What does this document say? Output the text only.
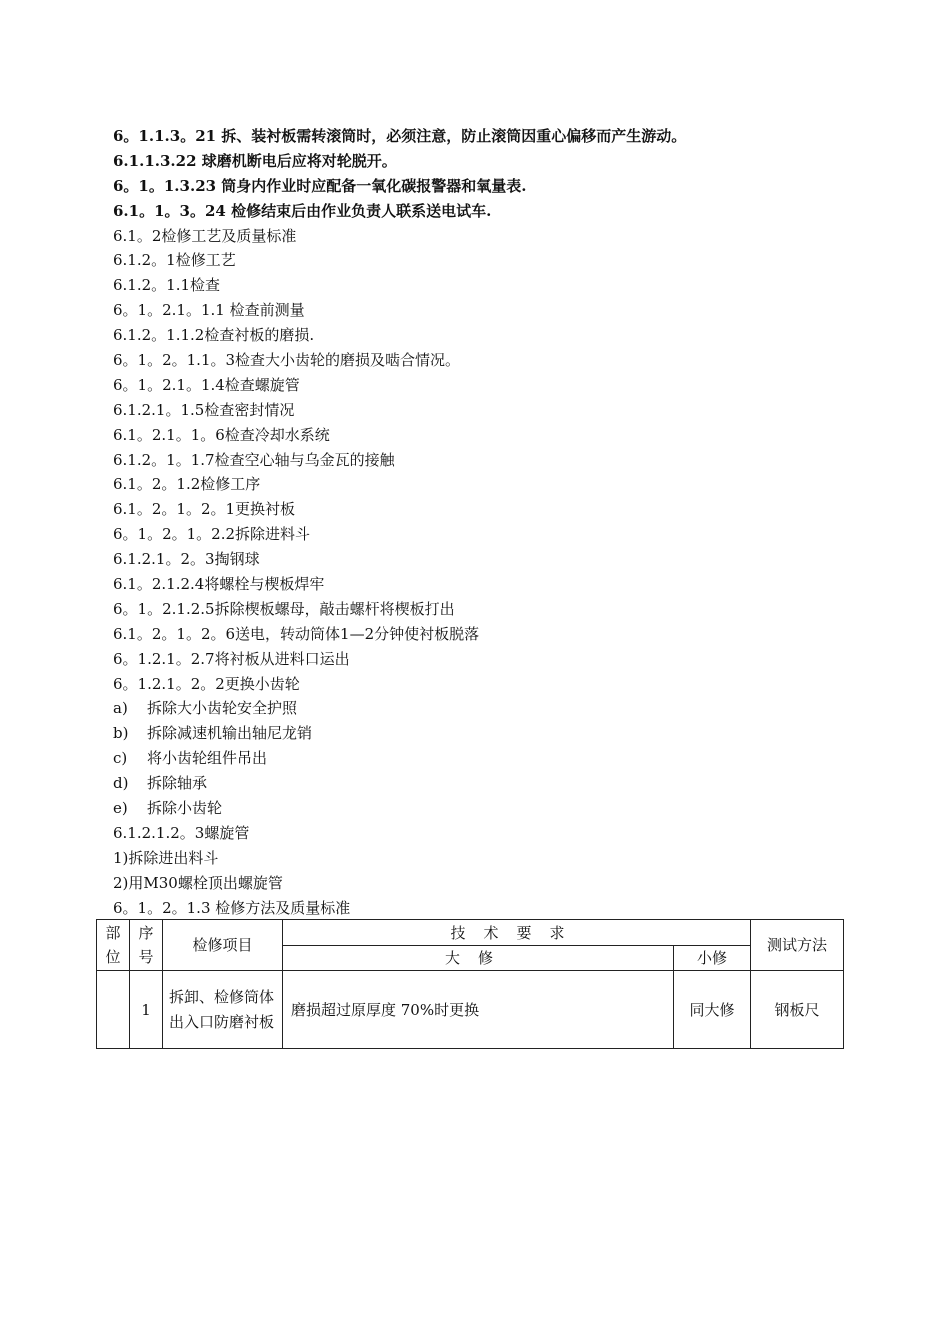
6。1.1.3。21 拆、装衬板需转滚筒时，必须注意，防止滚筒因重心偏移而产生游动。
6.1.1.3.22 球磨机断电后应将对轮脱开。
6。1。1.3.23 筒身内作业时应配备一氧化碳报警器和氧量表.
6.1。1。3。24 检修结束后由作业负责人联系送电试车.
6.1。2检修工艺及质量标准
6.1.2。1检修工艺
6.1.2。1.1检查
6。1。2.1。1.1 检查前测量
6.1.2。1.1.2检查衬板的磨损.
6。1。2。1.1。3检查大小齿轮的磨损及啮合情况。
6。1。2.1。1.4检查螺旋管
6.1.2.1。1.5检查密封情况
6.1。2.1。1。6检查冷却水系统
6.1.2。1。1.7检查空心轴与乌金瓦的接触
6.1。2。1.2检修工序
6.1。2。1。2。1更换衬板
6。1。2。1。2.2拆除进料斗
6.1.2.1。2。3掏钢球
6.1。2.1.2.4将螺栓与楔板焊牢
6。1。2.1.2.5拆除楔板螺母，敲击螺杆将楔板打出
6.1。2。1。2。6送电，转动筒体1—2分钟使衬板脱落
6。1.2.1。2.7将衬板从进料口运出
6。1.2.1。2。2更换小齿轮
a) 拆除大小齿轮安全护照
b) 拆除减速机输出轴尼龙销
c) 将小齿轮组件吊出
d) 拆除轴承
e) 拆除小齿轮
6.1.2.1.2。3螺旋管
1)拆除进出料斗
2)用M30螺栓顶出螺旋管
6。1。2。1.3 检修方法及质量标准
部位	序号	检修项目	技术要求		测试方法
			大修	小修	
	1	拆卸、检修筒体出入口防磨衬板	磨损超过原厚度 70%时更换	同大修	钢板尺
